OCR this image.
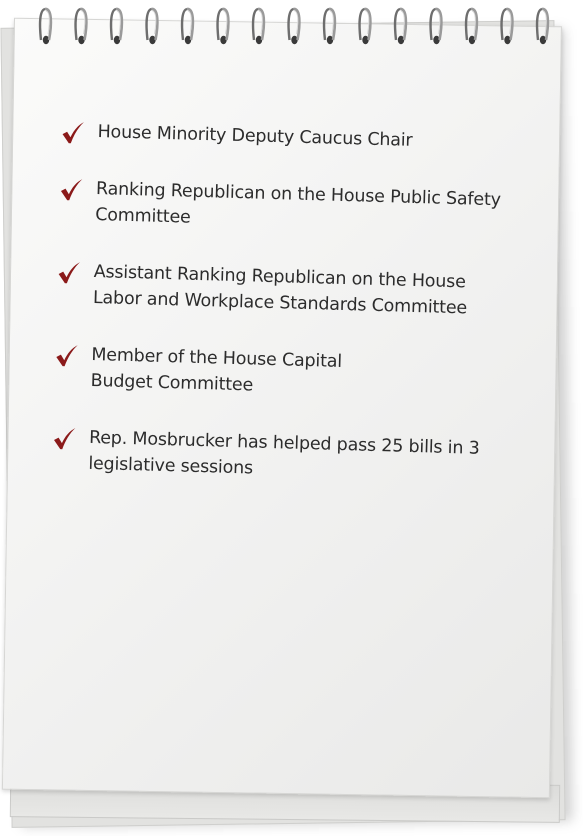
House Minority Deputy Caucus Chair
Ranking Republican on the House Public Safety Committee
Assistant Ranking Republican on the House Labor and Workplace Standards Committee
Member of the House Capital Budget Committee
Rep. Mosbrucker has helped pass 25 bills in 3 legislative sessions
